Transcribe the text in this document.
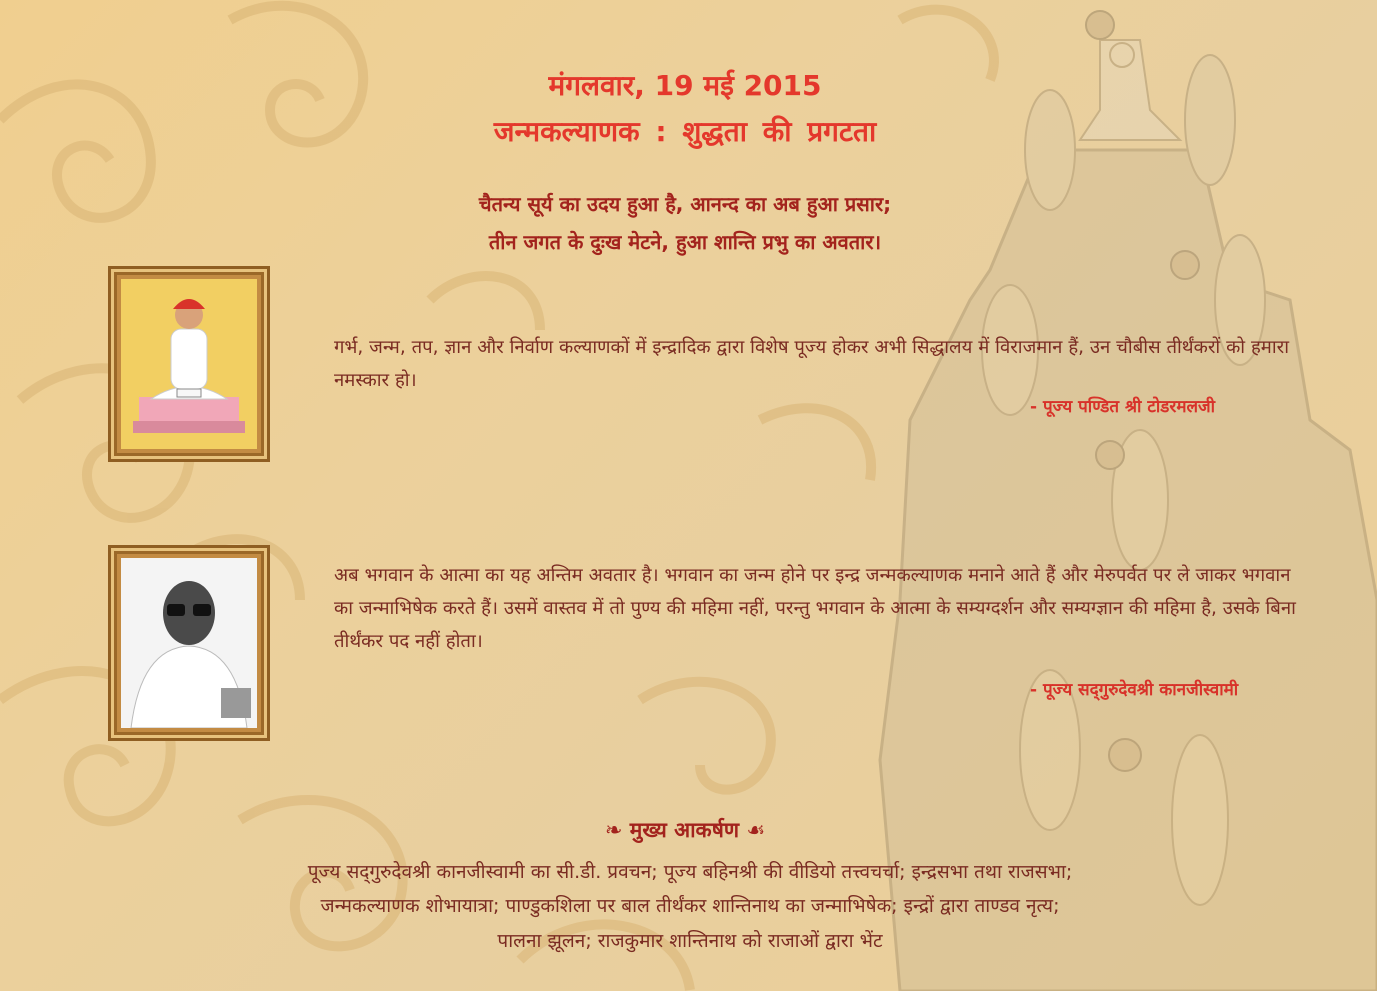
मंगलवार, 19 मई 2015
जन्मकल्याणक : शुद्धता की प्रगटता

चैतन्य सूर्य का उदय हुआ है, आनन्द का अब हुआ प्रसार;

तीन जगत के दुःख मेटने, हुआ शान्ति प्रभु का अवतार।

गर्भ, जन्म, तप, ज्ञान और निर्वाण कल्याणकों में इन्द्रादिक द्वारा विशेष पूज्य होकर अभी सिद्धालय में विराजमान हैं, उन चौबीस तीर्थंकरों को हमारा नमस्कार हो।

- पूज्य पण्डित श्री टोडरमलजी

अब भगवान के आत्मा का यह अन्तिम अवतार है। भगवान का जन्म होने पर इन्द्र जन्मकल्याणक मनाने आते हैं और मेरुपर्वत पर ले जाकर भगवान का जन्माभिषेक करते हैं। उसमें वास्तव में तो पुण्य की महिमा नहीं, परन्तु भगवान के आत्मा के सम्यग्दर्शन और सम्यग्ज्ञान की महिमा है, उसके बिना तीर्थंकर पद नहीं होता।

- पूज्य सद्‌गुरुदेवश्री कानजीस्वामी
❧ मुख्य आकर्षण ☙

पूज्य सद्‌गुरुदेवश्री कानजीस्वामी का सी.डी. प्रवचन; पूज्य बहिनश्री की वीडियो तत्त्वचर्चा; इन्द्रसभा तथा राजसभा;

जन्मकल्याणक शोभायात्रा; पाण्डुकशिला पर बाल तीर्थंकर शान्तिनाथ का जन्माभिषेक; इन्द्रों द्वारा ताण्डव नृत्य;

पालना झूलन; राजकुमार शान्तिनाथ को राजाओं द्वारा भेंट
